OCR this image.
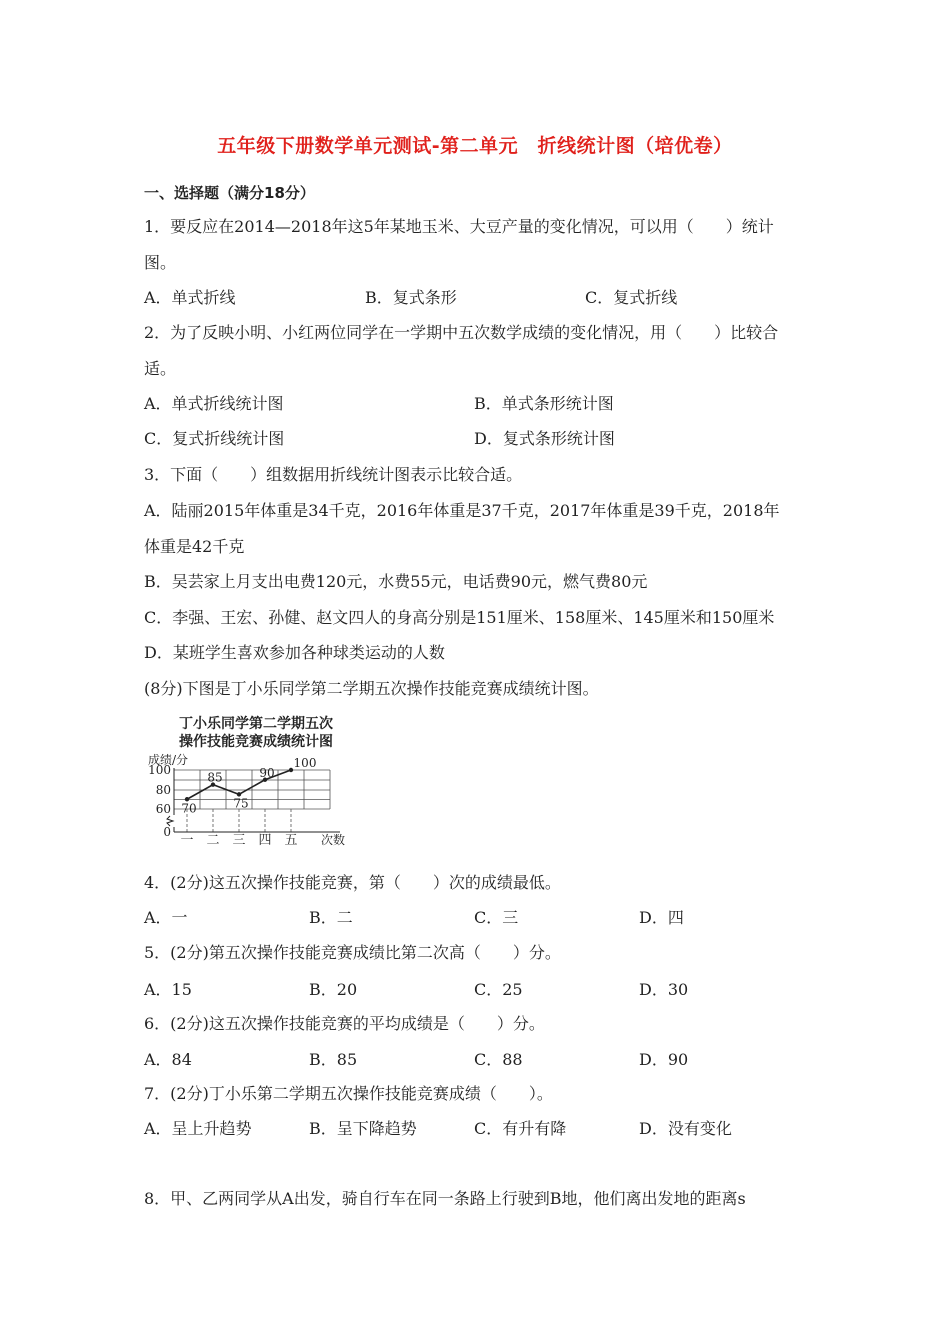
五年级下册数学单元测试-第二单元　折线统计图（培优卷）
一、选择题（满分18分）
1．要反应在2014—2018年这5年某地玉米、大豆产量的变化情况，可以用（　　）统计
图。
A．单式折线	B．复式条形	C．复式折线
2．为了反映小明、小红两位同学在一学期中五次数学成绩的变化情况，用（　　）比较合
适。
A．单式折线统计图	B．单式条形统计图
C．复式折线统计图	D．复式条形统计图
3．下面（　　）组数据用折线统计图表示比较合适。
A．陆丽2015年体重是34千克，2016年体重是37千克，2017年体重是39千克，2018年
体重是42千克
B．吴芸家上月支出电费120元，水费55元，电话费90元，燃气费80元
C．李强、王宏、孙健、赵文四人的身高分别是151厘米、158厘米、145厘米和150厘米
D．某班学生喜欢参加各种球类运动的人数
(8分)下图是丁小乐同学第二学期五次操作技能竞赛成绩统计图。
丁小乐同学第二学期五次
操作技能竞赛成绩统计图
成绩/分
100
80
60
0
一 二 三 四 五 次数
70
85
75
90
100
4．(2分)这五次操作技能竞赛，第（　　）次的成绩最低。
A．一	B．二	C．三	D．四
5．(2分)第五次操作技能竞赛成绩比第二次高（　　）分。
A．15	B．20	C．25	D．30
6．(2分)这五次操作技能竞赛的平均成绩是（　　）分。
A．84	B．85	C．88	D．90
7．(2分)丁小乐第二学期五次操作技能竞赛成绩（　　）。
A．呈上升趋势	B．呈下降趋势	C．有升有降	D．没有变化
8．甲、乙两同学从A出发，骑自行车在同一条路上行驶到B地，他们离出发地的距离s
